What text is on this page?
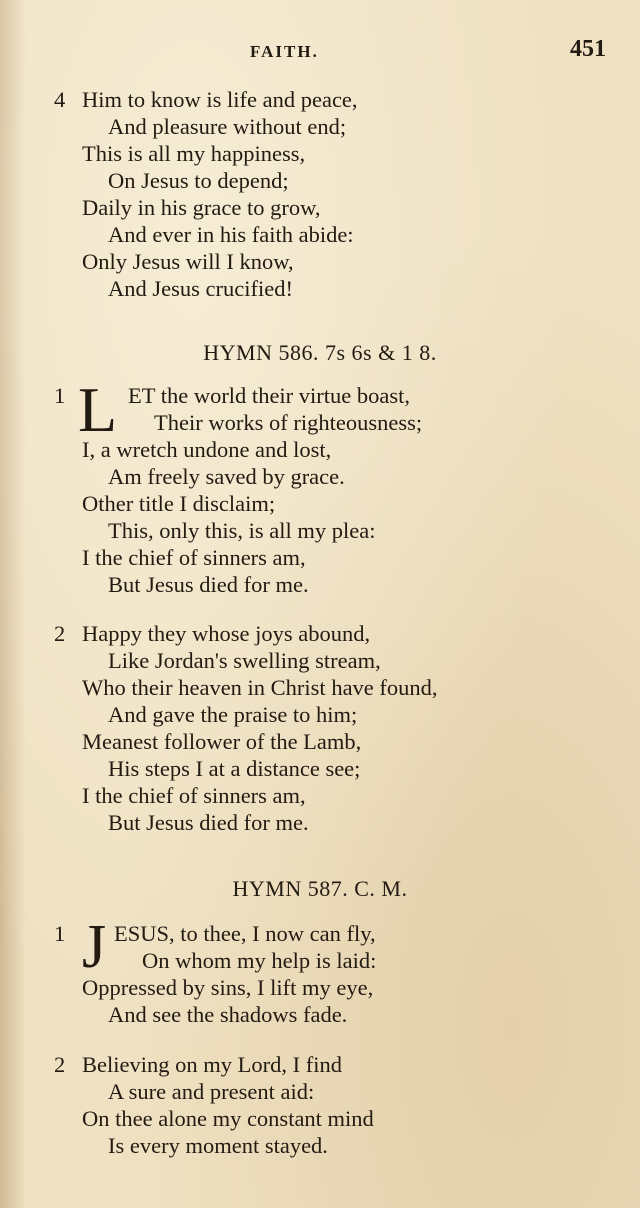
FAITH.	451
4 Him to know is life and peace,
And pleasure without end;
This is all my happiness,
On Jesus to depend;
Daily in his grace to grow,
And ever in his faith abide:
Only Jesus will I know,
And Jesus crucified!
HYMN 586. 7s 6s & 1 8.
1 L ET the world their virtue boast,
Their works of righteousness;
I, a wretch undone and lost,
Am freely saved by grace.
Other title I disclaim;
This, only this, is all my plea:
I the chief of sinners am,
But Jesus died for me.
2 Happy they whose joys abound,
Like Jordan's swelling stream,
Who their heaven in Christ have found,
And gave the praise to him;
Meanest follower of the Lamb,
His steps I at a distance see;
I the chief of sinners am,
But Jesus died for me.
HYMN 587. C. M.
1 J ESUS, to thee, I now can fly,
On whom my help is laid:
Oppressed by sins, I lift my eye,
And see the shadows fade.
2 Believing on my Lord, I find
A sure and present aid:
On thee alone my constant mind
Is every moment stayed.
